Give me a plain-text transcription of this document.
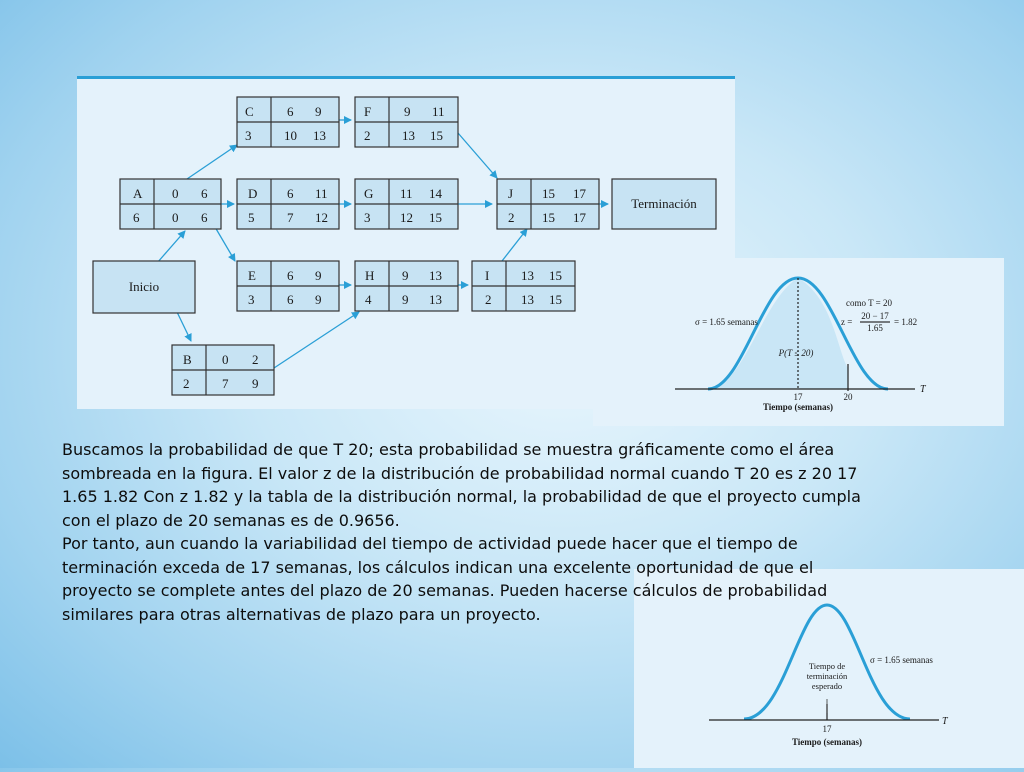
C	6 9
3	10 13
F	9 11
2 13 15
A 0 6
6	0 6
D 6 11
5	7 12
G 11 14
3 12 15
J 15 17
2 15 17
Terminación
Inicio
E 6 9
3	6 9
H 9 13
4 9 13
I 13 15
2 13 15
B 0 2
2	7 9	T
17	20
Tiempo (semanas)
σ = 1.65 semanas
como T = 20
z =
20 − 17
1.65
= 1.82
P(T ≤ 20)
T
17
Tiempo (semanas)
σ = 1.65 semanas
Tiempo de
terminación
esperado

Buscamos la probabilidad de que T 20; esta probabilidad se muestra gráficamente como el área sombreada en la figura. El valor z de la distribución de probabilidad normal cuando T 20 es z 20 17 1.65 1.82 Con z 1.82 y la tabla de la distribución normal, la probabilidad de que el proyecto cumpla con el plazo de 20 semanas es de 0.9656.

Por tanto, aun cuando la variabilidad del tiempo de actividad puede hacer que el tiempo de terminación exceda de 17 semanas, los cálculos indican una excelente oportunidad de que el proyecto se complete antes del plazo de 20 semanas. Pueden hacerse cálculos de probabilidad similares para otras alternativas de plazo para un proyecto.
